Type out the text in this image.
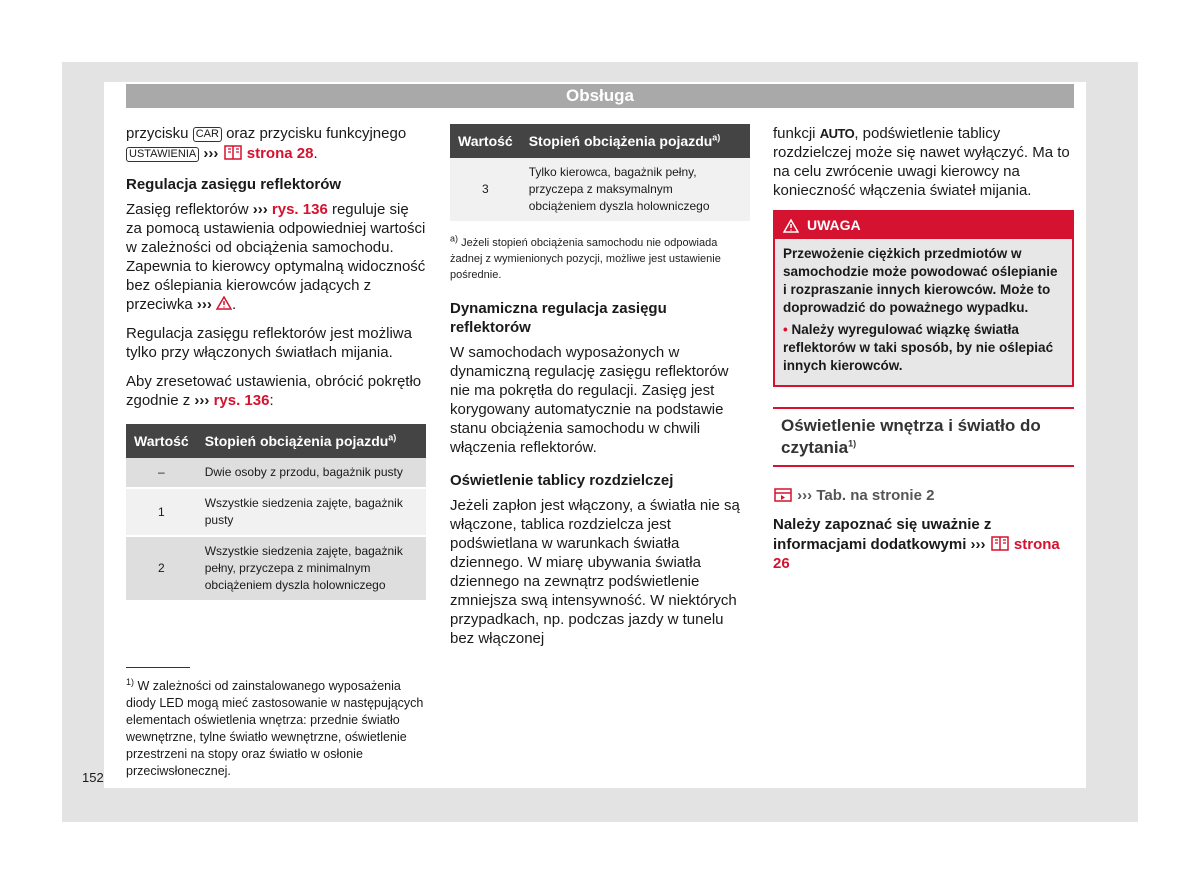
Obsługa

przycisku CAR oraz przycisku funkcyjnego USTAWIENIA ››› strona 28.

Regulacja zasięgu reflektorów

Zasięg reflektorów ››› rys. 136 reguluje się za pomocą ustawienia odpowiedniej wartości w zależności od obciążenia samochodu. Zapewnia to kierowcy optymalną widoczność bez oślepiania kierowców jadących z przeciwka ››› .

Regulacja zasięgu reflektorów jest możliwa tylko przy włączonych światłach mijania.

Aby zresetować ustawienia, obrócić pokrętło zgodnie z ››› rys. 136:

Wartość	Stopień obciążenia pojazdu$^{a)}$
–	Dwie osoby z przodu, bagażnik pusty
1	Wszystkie siedzenia zajęte, bagażnik pusty
2	Wszystkie siedzenia zajęte, bagażnik pełny, przyczepa z minimalnym obciążeniem dyszla holowniczego
$^{1)}$ W zależności od zainstalowanego wyposażenia diody LED mogą mieć zastosowanie w następujących elementach oświetlenia wnętrza: przednie światło wewnętrzne, tylne światło wewnętrzne, oświetlenie przestrzeni na stopy oraz światło w osłonie przeciwsłonecznej.
152
Wartość	Stopień obciążenia pojazdu$^{a)}$
3	Tylko kierowca, bagażnik pełny, przyczepa z maksymalnym obciążeniem dyszla holowniczego

$^{a)}$ Jeżeli stopień obciążenia samochodu nie odpowiada żadnej z wymienionych pozycji, możliwe jest ustawienie pośrednie.

Dynamiczna regulacja zasięgu reflektorów

W samochodach wyposażonych w dynamiczną regulację zasięgu reflektorów nie ma pokrętła do regulacji. Zasięg jest korygowany automatycznie na podstawie stanu obciążenia samochodu w chwili włączenia reflektorów.

Oświetlenie tablicy rozdzielczej

Jeżeli zapłon jest włączony, a światła nie są włączone, tablica rozdzielcza jest podświetlana w warunkach światła dziennego. W miarę ubywania światła dziennego na zewnątrz podświetlenie zmniejsza swą intensywność. W niektórych przypadkach, np. podczas jazdy w tunelu bez włączonej

funkcji AUTO, podświetlenie tablicy rozdzielczej może się nawet wyłączyć. Ma to na celu zwrócenie uwagi kierowcy na konieczność włączenia świateł mijania.

UWAGA

Przewożenie ciężkich przedmiotów w samochodzie może powodować oślepianie i rozpraszanie innych kierowców. Może to doprowadzić do poważnego wypadku.

• Należy wyregulować wiązkę światła reflektorów w taki sposób, by nie oślepiać innych kierowców.

Oświetlenie wnętrza i światło do czytania$^{1)}$

››› Tab. na stronie 2

Należy zapoznać się uważnie z informacjami dodatkowymi ››› strona 26
